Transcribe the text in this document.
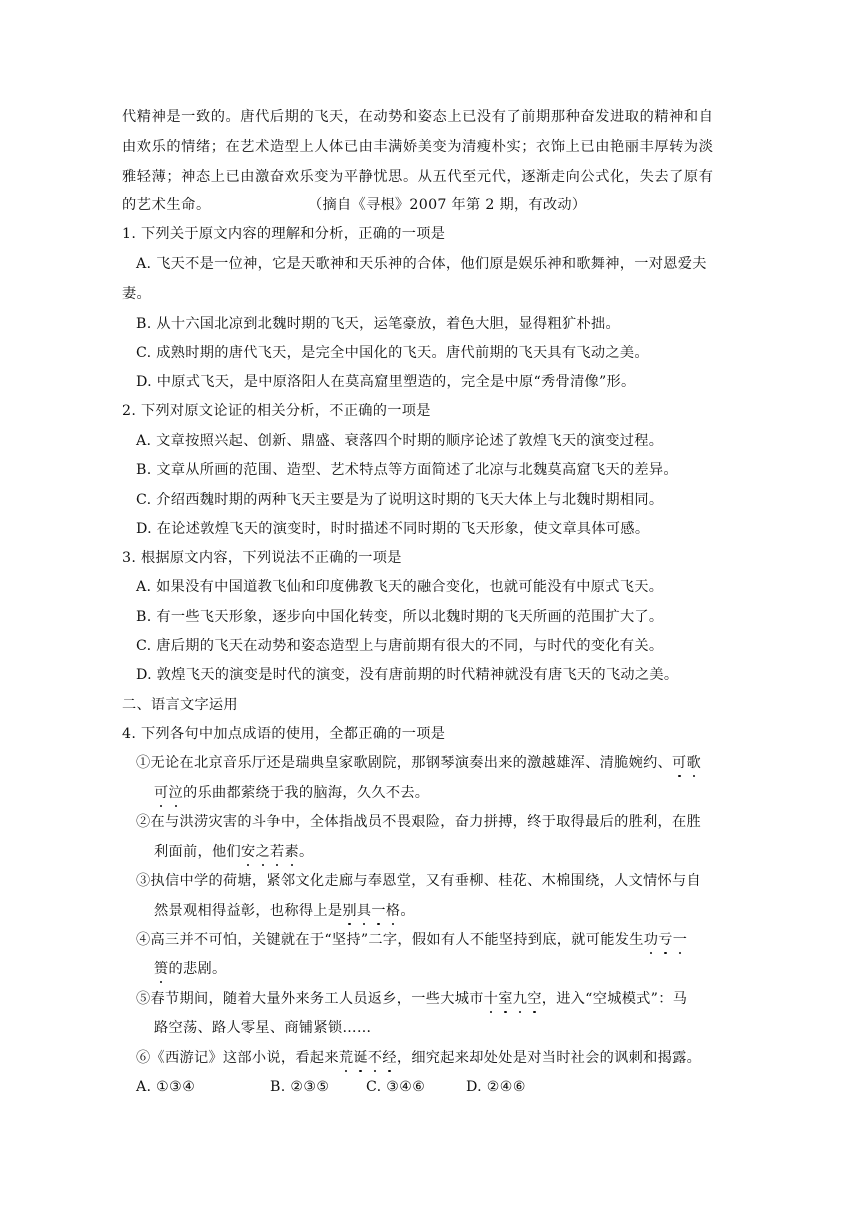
代精神是一致的。唐代后期的飞天，在动势和姿态上已没有了前期那种奋发进取的精神和自
由欢乐的情绪；在艺术造型上人体已由丰满娇美变为清瘦朴实；衣饰上已由艳丽丰厚转为淡
雅轻薄；神态上已由激奋欢乐变为平静忧思。从五代至元代，逐渐走向公式化，失去了原有
的艺术生命。	（摘自《寻根》2007 年第 2 期，有改动）
1. 下列关于原文内容的理解和分析，正确的一项是
A. 飞天不是一位神，它是天歌神和天乐神的合体，他们原是娱乐神和歌舞神，一对恩爱夫
妻。
B. 从十六国北凉到北魏时期的飞天，运笔豪放，着色大胆，显得粗犷朴拙。
C. 成熟时期的唐代飞天，是完全中国化的飞天。唐代前期的飞天具有飞动之美。
D. 中原式飞天，是中原洛阳人在莫高窟里塑造的，完全是中原“秀骨清像”形。
2. 下列对原文论证的相关分析，不正确的一项是
A. 文章按照兴起、创新、鼎盛、衰落四个时期的顺序论述了敦煌飞天的演变过程。
B. 文章从所画的范围、造型、艺术特点等方面简述了北凉与北魏莫高窟飞天的差异。
C. 介绍西魏时期的两种飞天主要是为了说明这时期的飞天大体上与北魏时期相同。
D. 在论述敦煌飞天的演变时，时时描述不同时期的飞天形象，使文章具体可感。
3. 根据原文内容，下列说法不正确的一项是
A. 如果没有中国道教飞仙和印度佛教飞天的融合变化，也就可能没有中原式飞天。
B. 有一些飞天形象，逐步向中国化转变，所以北魏时期的飞天所画的范围扩大了。
C. 唐后期的飞天在动势和姿态造型上与唐前期有很大的不同，与时代的变化有关。
D. 敦煌飞天的演变是时代的演变，没有唐前期的时代精神就没有唐飞天的飞动之美。
二、语言文字运用
4. 下列各句中加点成语的使用，全都正确的一项是
①无论在北京音乐厅还是瑞典皇家歌剧院，那钢琴演奏出来的激越雄浑、清脆婉约、可歌
可泣的乐曲都萦绕于我的脑海，久久不去。
②在与洪涝灾害的斗争中，全体指战员不畏艰险，奋力拼搏，终于取得最后的胜利，在胜
利面前，他们安之若素。
③执信中学的荷塘，紧邻文化走廊与奉恩堂，又有垂柳、桂花、木棉围绕，人文情怀与自
然景观相得益彰，也称得上是别具一格。
④高三并不可怕，关键就在于“坚持”二字，假如有人不能坚持到底，就可能发生功亏一
篑的悲剧。
⑤春节期间，随着大量外来务工人员返乡，一些大城市十室九空，进入“空城模式”：马
路空荡、路人零星、商铺紧锁……
⑥《西游记》这部小说，看起来荒诞不经，细究起来却处处是对当时社会的讽刺和揭露。
A. ①③④	B. ②③⑤	C. ③④⑥	D. ②④⑥
